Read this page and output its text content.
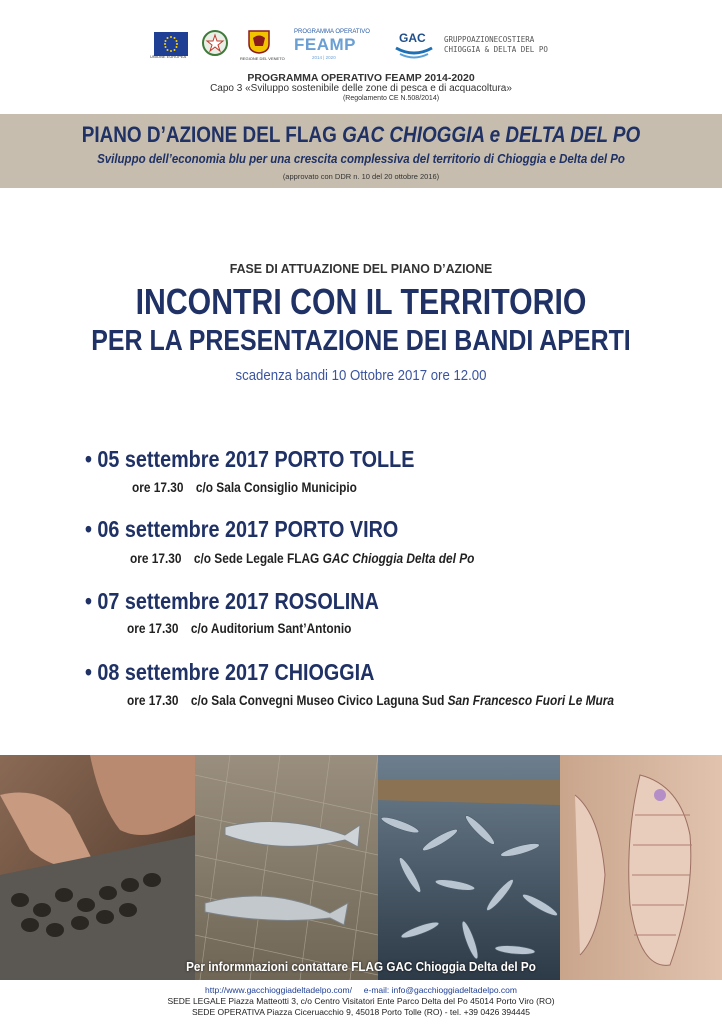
UNIONE EUROPEA	REGIONE DEL VENETO
PROGRAMMA OPERATIVO
FEAMP
2014 | 2020
GAC GRUPPOAZIONECOSTIERA
CHIOGGIA & DELTA DEL PO
PROGRAMMA OPERATIVO FEAMP 2014-2020
Capo 3 «Sviluppo sostenibile delle zone di pesca e di acquacoltura»
(Regolamento CE N.508/2014)
PIANO D’AZIONE DEL FLAG GAC CHIOGGIA e DELTA DEL PO
Sviluppo dell’economia blu per una crescita complessiva del territorio di Chioggia e Delta del Po
(approvato con DDR n. 10 del 20 ottobre 2016)
FASE DI ATTUAZIONE DEL PIANO D’AZIONE
INCONTRI CON IL TERRITORIO
PER LA PRESENTAZIONE DEI BANDI APERTI
scadenza bandi 10 Ottobre 2017 ore 12.00
• 05 settembre 2017 PORTO TOLLE
ore 17.30 c/o Sala Consiglio Municipio
• 06 settembre 2017 PORTO VIRO
ore 17.30 c/o Sede Legale FLAG GAC Chioggia Delta del Po
• 07 settembre 2017 ROSOLINA
ore 17.30 c/o Auditorium Sant’Antonio
• 08 settembre 2017 CHIOGGIA
ore 17.30 c/o Sala Convegni Museo Civico Laguna Sud San Francesco Fuori Le Mura
Per informmazioni contattare FLAG GAC Chioggia Delta del Po
http://www.gacchioggiadeltadelpo.com/ e-mail: info@gacchioggiadeltadelpo.com
SEDE LEGALE Piazza Matteotti 3, c/o Centro Visitatori Ente Parco Delta del Po 45014 Porto Viro (RO)
SEDE OPERATIVA Piazza Ciceruacchio 9, 45018 Porto Tolle (RO) - tel. +39 0426 394445
